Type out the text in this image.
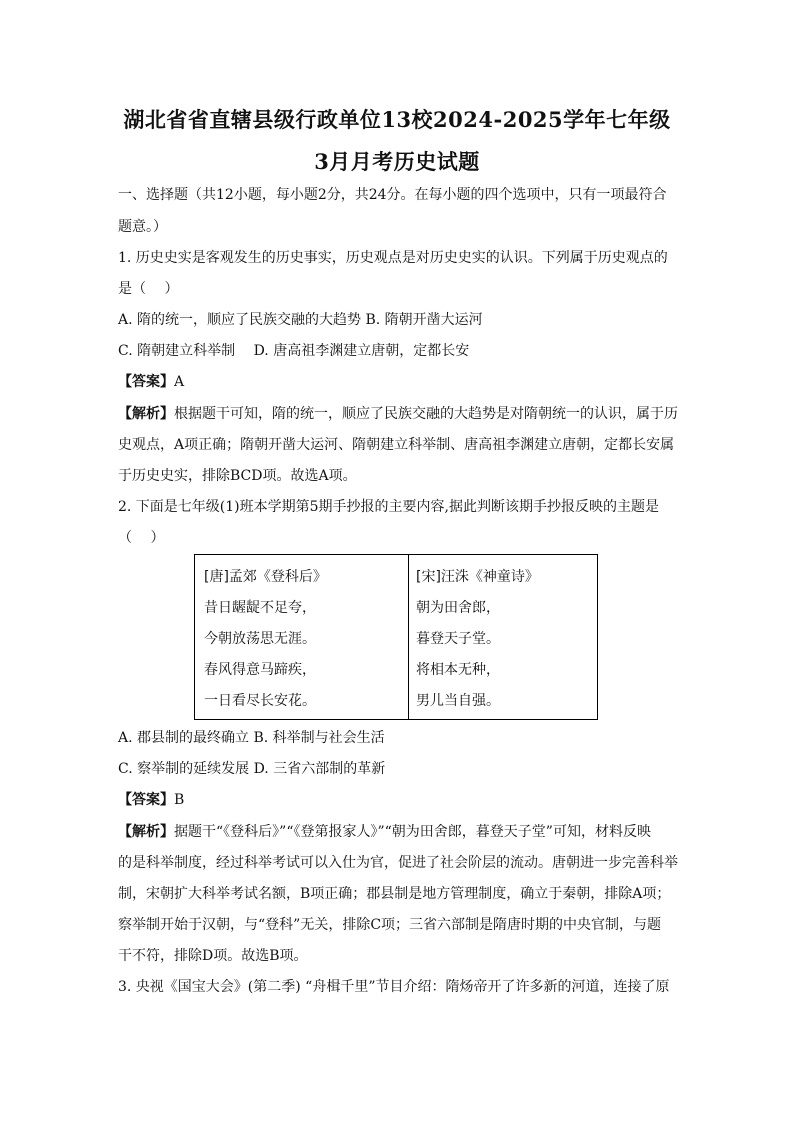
湖北省省直辖县级行政单位13校2024-2025学年七年级
3月月考历史试题
一、选择题（共12小题，每小题2分，共24分。在每小题的四个选项中，只有一项最符合
题意。）
1. 历史史实是客观发生的历史事实，历史观点是对历史史实的认识。下列属于历史观点的
是（　 ）
A. 隋的统一，顺应了民族交融的大趋势 B. 隋朝开凿大运河
C. 隋朝建立科举制　 D. 唐高祖李渊建立唐朝，定都长安
【答案】A
【解析】根据题干可知，隋的统一，顺应了民族交融的大趋势是对隋朝统一的认识，属于历
史观点，A项正确；隋朝开凿大运河、隋朝建立科举制、唐高祖李渊建立唐朝，定都长安属
于历史史实，排除BCD项。故选A项。
2. 下面是七年级(1)班本学期第5期手抄报的主要内容,据此判断该期手抄报反映的主题是
（　 ）
[唐]孟郊《登科后》
昔日龌龊不足夸，
今朝放荡思无涯。
春风得意马蹄疾，
一日看尽长安花。
[宋]汪洙《神童诗》
朝为田舍郎，
暮登天子堂。
将相本无种，
男儿当自强。
A. 郡县制的最终确立 B. 科举制与社会生活
C. 察举制的延续发展 D. 三省六部制的革新
【答案】B
【解析】据题干“《登科后》”“《登第报家人》”“朝为田舍郎，暮登天子堂”可知，材料反映
的是科举制度，经过科举考试可以入仕为官，促进了社会阶层的流动。唐朝进一步完善科举
制，宋朝扩大科举考试名额，B项正确；郡县制是地方管理制度，确立于秦朝，排除A项；
察举制开始于汉朝，与“登科”无关，排除C项；三省六部制是隋唐时期的中央官制，与题
干不符，排除D项。故选B项。
3. 央视《国宝大会》(第二季) “舟楫千里”节目介绍：隋炀帝开了许多新的河道，连接了原
